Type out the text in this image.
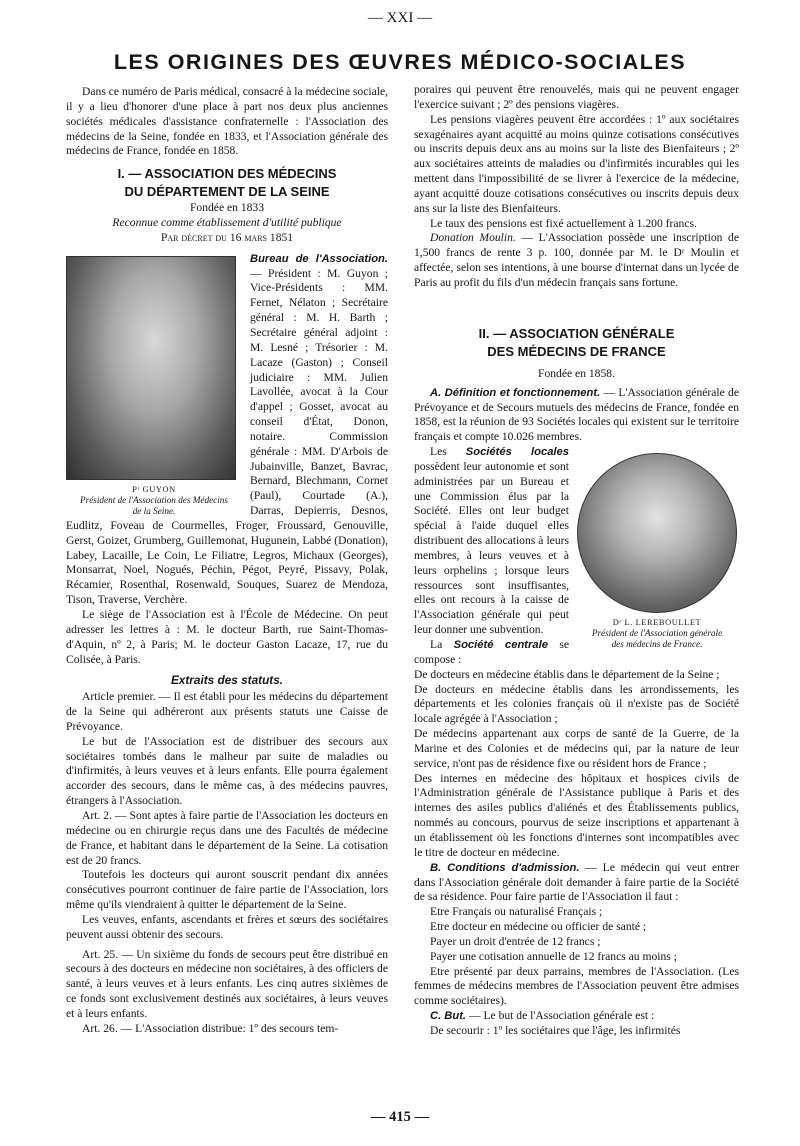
— XXI —
LES ORIGINES DES ŒUVRES MÉDICO-SOCIALES

Dans ce numéro de Paris médical, consacré à la médecine sociale, il y a lieu d'honorer d'une place à part nos deux plus anciennes sociétés médicales d'assistance confraternelle : l'Association des médecins de la Seine, fondée en 1833, et l'Association générale des médecins de France, fondée en 1858.

I. — ASSOCIATION DES MÉDECINS
DU DÉPARTEMENT DE LA SEINE

Fondée en 1833

Reconnue comme établissement d'utilité publique

Par décret du 16 mars 1851

Pʳ GUYON
Président de l'Association des Médecins
de la Seine.

Bureau de l'Association. — Président : M. Guyon ; Vice-Présidents : MM. Fernet, Nélaton ; Secrétaire général : M. H. Barth ; Secrétaire général adjoint : M. Lesné ; Trésorier : M. Lacaze (Gaston) ; Conseil judiciaire : MM. Julien Lavollée, avocat à la Cour d'appel ; Gosset, avocat au conseil d'État, Donon, notaire. Commission générale : MM. D'Arbois de Jubainville, Banzet, Bavrac, Bernard, Blechmann, Cornet (Paul), Courtade (A.), Darras, Depierris, Desnos, Eudlitz, Foveau de Courmelles, Froger, Froussard, Genouville, Gerst, Goizet, Grumberg, Guillemonat, Hugunein, Labbé (Donation), Labey, Lacaille, Le Coin, Le Filiatre, Legros, Michaux (Georges), Monsarrat, Noel, Nogués, Péchin, Pégot, Peyré, Pissavy, Polak, Récamier, Rosenthal, Rosenwald, Souques, Suarez de Mendoza, Tison, Traverse, Verchère.

Le siège de l'Association est à l'École de Médecine. On peut adresser les lettres à : M. le docteur Barth, rue Saint-Thomas-d'Aquin, nº 2, à Paris; M. le docteur Gaston Lacaze, 17, rue du Colisée, à Paris.

Extraits des statuts.

Article premier. — Il est établi pour les médecins du département de la Seine qui adhéreront aux présents statuts une Caisse de Prévoyance.

Le but de l'Association est de distribuer des secours aux sociétaires tombés dans le malheur par suite de maladies ou d'infirmités, à leurs veuves et à leurs enfants. Elle pourra également accorder des secours, dans le même cas, à des médecins pauvres, étrangers à l'Association.

Art. 2. — Sont aptes à faire partie de l'Association les docteurs en médecine ou en chirurgie reçus dans une des Facultés de médecine de France, et habitant dans le département de la Seine. La cotisation est de 20 francs.

Toutefois les docteurs qui auront souscrit pendant dix années consécutives pourront continuer de faire partie de l'Association, lors même qu'ils viendraient à quitter le département de la Seine.

Les veuves, enfants, ascendants et frères et sœurs des sociétaires peuvent aussi obtenir des secours.

Art. 25. — Un sixième du fonds de secours peut être distribué en secours à des docteurs en médecine non sociétaires, à des officiers de santé, à leurs veuves et à leurs enfants. Les cinq autres sixièmes de ce fonds sont exclusivement destinés aux sociétaires, à leurs veuves et à leurs enfants.

Art. 26. — L'Association distribue: 1º des secours tem-

poraires qui peuvent être renouvelés, mais qui ne peuvent engager l'exercice suivant ; 2º des pensions viagères.

Les pensions viagères peuvent être accordées : 1º aux sociétaires sexagénaires ayant acquitté au moins quinze cotisations consécutives ou inscrits depuis deux ans au moins sur la liste des Bienfaiteurs ; 2º aux sociétaires atteints de maladies ou d'infirmités incurables qui les mettent dans l'impossibilité de se livrer à l'exercice de la médecine, ayant acquitté douze cotisations consécutives ou inscrits depuis deux ans sur la liste des Bienfaiteurs.

Le taux des pensions est fixé actuellement à 1.200 francs.

Donation Moulin. — L'Association possède une inscription de 1,500 francs de rente 3 p. 100, donnée par M. le Dʳ Moulin et affectée, selon ses intentions, à une bourse d'internat dans un lycée de Paris au profit du fils d'un médecin français sans fortune.

II. — ASSOCIATION GÉNÉRALE
DES MÉDECINS DE FRANCE

Fondée en 1858.

A. Définition et fonctionnement. — L'Association générale de Prévoyance et de Secours mutuels des médecins de France, fondée en 1858, est la réunion de 93 Sociétés locales qui existent sur le territoire français et compte 10.026 membres.

Dʳ L. LEREBOULLET
Président de l'Association générale
des médecins de France.

Les Sociétés locales possèdent leur autonomie et sont administrées par un Bureau et une Commission élus par la Société. Elles ont leur budget spécial à l'aide duquel elles distribuent des allocations à leurs membres, à leurs veuves et à leurs orphelins ; lorsque leurs ressources sont insuffisantes, elles ont recours à la caisse de l'Association générale qui peut leur donner une subvention.

La Société centrale se compose :

De docteurs en médecine établis dans le département de la Seine ;

De docteurs en médecine établis dans les arrondissements, les départements et les colonies français où il n'existe pas de Société locale agrégée à l'Association ;

De médecins appartenant aux corps de santé de la Guerre, de la Marine et des Colonies et de médecins qui, par la nature de leur service, n'ont pas de résidence fixe ou résident hors de France ;

Des internes en médecine des hôpitaux et hospices civils de l'Administration générale de l'Assistance publique à Paris et des internes des asiles publics d'aliénés et des Établissements publics, nommés au concours, pourvus de seize inscriptions et appartenant à un établissement où les fonctions d'internes sont incompatibles avec le titre de docteur en médecine.

B. Conditions d'admission. — Le médecin qui veut entrer dans l'Association générale doit demander à faire partie de la Société de sa résidence. Pour faire partie de l'Association il faut :

Etre Français ou naturalisé Français ;

Etre docteur en médecine ou officier de santé ;

Payer un droit d'entrée de 12 francs ;

Payer une cotisation annuelle de 12 francs au moins ;

Etre présenté par deux parrains, membres de l'Association. (Les femmes de médecins membres de l'Association peuvent être admises comme sociétaires).

C. But. — Le but de l'Association générale est :

De secourir : 1º les sociétaires que l'âge, les infirmités

— 415 —
